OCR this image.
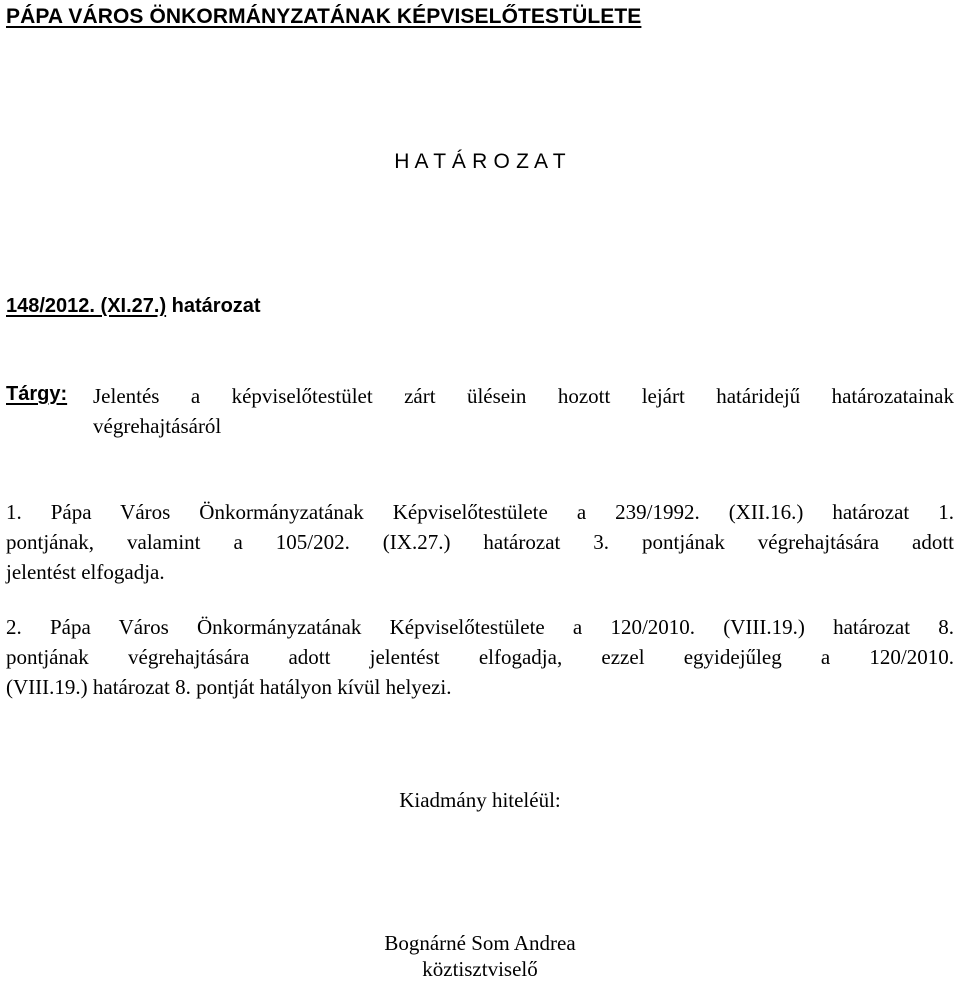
PÁPA VÁROS ÖNKORMÁNYZATÁNAK KÉPVISELŐTESTÜLETE
H A T Á R O Z A T
148/2012. (XI.27.) határozat
Tárgy: Jelentés a képviselőtestület zárt ülésein hozott lejárt határidejű határozatainak
végrehajtásáról
1. Pápa Város Önkormányzatának Képviselőtestülete a 239/1992. (XII.16.) határozat 1.
pontjának, valamint a 105/202. (IX.27.) határozat 3. pontjának végrehajtására adott
jelentést elfogadja.
2. Pápa Város Önkormányzatának Képviselőtestülete a 120/2010. (VIII.19.) határozat 8.
pontjának végrehajtására adott jelentést elfogadja, ezzel egyidejűleg a 120/2010.
(VIII.19.) határozat 8. pontját hatályon kívül helyezi.
Kiadmány hiteléül:
Bognárné Som Andrea
köztisztviselő
